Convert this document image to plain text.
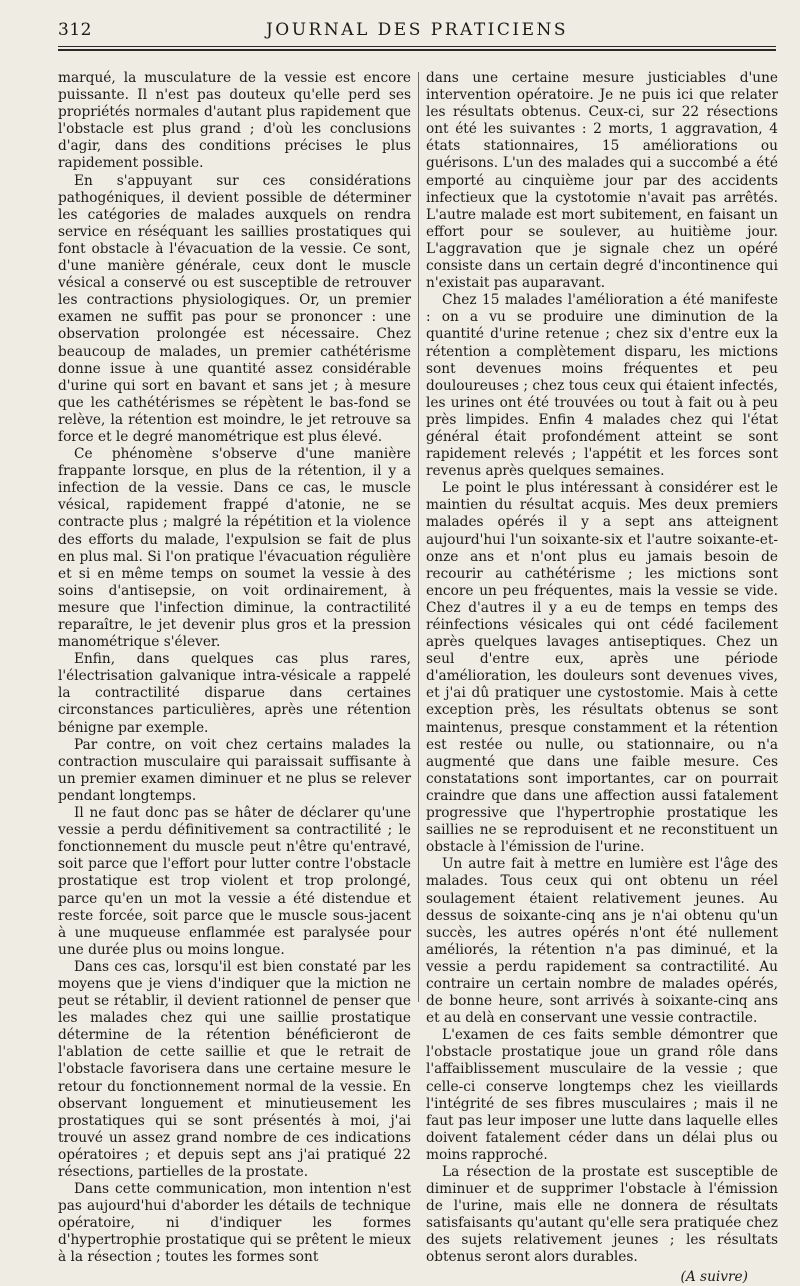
312	JOURNAL DES PRATICIENS

marqué, la musculature de la vessie est encore puissante. Il n'est pas douteux qu'elle perd ses propriétés normales d'autant plus rapidement que l'obstacle est plus grand ; d'où les conclusions d'agir, dans des conditions précises le plus rapidement possible.

En s'appuyant sur ces considérations pathogéniques, il devient possible de déterminer les catégories de malades auxquels on rendra service en réséquant les saillies prostatiques qui font obstacle à l'évacuation de la vessie. Ce sont, d'une manière générale, ceux dont le muscle vésical a conservé ou est susceptible de retrouver les contractions physiologiques. Or, un premier examen ne suffit pas pour se prononcer : une observation prolongée est nécessaire. Chez beaucoup de malades, un premier cathétérisme donne issue à une quantité assez considérable d'urine qui sort en bavant et sans jet ; à mesure que les cathétérismes se répètent le bas-fond se relève, la rétention est moindre, le jet retrouve sa force et le degré manométrique est plus élevé.

Ce phénomène s'observe d'une manière frappante lorsque, en plus de la rétention, il y a infection de la vessie. Dans ce cas, le muscle vésical, rapidement frappé d'atonie, ne se contracte plus ; malgré la répétition et la violence des efforts du malade, l'expulsion se fait de plus en plus mal. Si l'on pratique l'évacuation régulière et si en même temps on soumet la vessie à des soins d'antisepsie, on voit ordinairement, à mesure que l'infection diminue, la contractilité reparaître, le jet devenir plus gros et la pression manométrique s'élever.

Enfin, dans quelques cas plus rares, l'électrisation galvanique intra-vésicale a rappelé la contractilité disparue dans certaines circonstances particulières, après une rétention bénigne par exemple.

Par contre, on voit chez certains malades la contraction musculaire qui paraissait suffisante à un premier examen diminuer et ne plus se relever pendant longtemps.

Il ne faut donc pas se hâter de déclarer qu'une vessie a perdu définitivement sa contractilité ; le fonctionnement du muscle peut n'être qu'entravé, soit parce que l'effort pour lutter contre l'obstacle prostatique est trop violent et trop prolongé, parce qu'en un mot la vessie a été distendue et reste forcée, soit parce que le muscle sous-jacent à une muqueuse enflammée est paralysée pour une durée plus ou moins longue.

Dans ces cas, lorsqu'il est bien constaté par les moyens que je viens d'indiquer que la miction ne peut se rétablir, il devient rationnel de penser que les malades chez qui une saillie prostatique détermine de la rétention bénéficieront de l'ablation de cette saillie et que le retrait de l'obstacle favorisera dans une certaine mesure le retour du fonctionnement normal de la vessie. En observant longuement et minutieusement les prostatiques qui se sont présentés à moi, j'ai trouvé un assez grand nombre de ces indications opératoires ; et depuis sept ans j'ai pratiqué 22 résections, partielles de la prostate.

Dans cette communication, mon intention n'est pas aujourd'hui d'aborder les détails de technique opératoire, ni d'indiquer les formes d'hypertrophie prostatique qui se prêtent le mieux à la résection ; toutes les formes sont

dans une certaine mesure justiciables d'une intervention opératoire. Je ne puis ici que relater les résultats obtenus. Ceux-ci, sur 22 résections ont été les suivantes : 2 morts, 1 aggravation, 4 états stationnaires, 15 améliorations ou guérisons. L'un des malades qui a succombé a été emporté au cinquième jour par des accidents infectieux que la cystotomie n'avait pas arrêtés. L'autre malade est mort subitement, en faisant un effort pour se soulever, au huitième jour. L'aggravation que je signale chez un opéré consiste dans un certain degré d'incontinence qui n'existait pas auparavant.

Chez 15 malades l'amélioration a été manifeste : on a vu se produire une diminution de la quantité d'urine retenue ; chez six d'entre eux la rétention a complètement disparu, les mictions sont devenues moins fréquentes et peu douloureuses ; chez tous ceux qui étaient infectés, les urines ont été trouvées ou tout à fait ou à peu près limpides. Enfin 4 malades chez qui l'état général était profondément atteint se sont rapidement relevés ; l'appétit et les forces sont revenus après quelques semaines.

Le point le plus intéressant à considérer est le maintien du résultat acquis. Mes deux premiers malades opérés il y a sept ans atteignent aujourd'hui l'un soixante-six et l'autre soixante-et-onze ans et n'ont plus eu jamais besoin de recourir au cathétérisme ; les mictions sont encore un peu fréquentes, mais la vessie se vide. Chez d'autres il y a eu de temps en temps des réinfections vésicales qui ont cédé facilement après quelques lavages antiseptiques. Chez un seul d'entre eux, après une période d'amélioration, les douleurs sont devenues vives, et j'ai dû pratiquer une cystostomie. Mais à cette exception près, les résultats obtenus se sont maintenus, presque constamment et la rétention est restée ou nulle, ou stationnaire, ou n'a augmenté que dans une faible mesure. Ces constatations sont importantes, car on pourrait craindre que dans une affection aussi fatalement progressive que l'hypertrophie prostatique les saillies ne se reproduisent et ne reconstituent un obstacle à l'émission de l'urine.

Un autre fait à mettre en lumière est l'âge des malades. Tous ceux qui ont obtenu un réel soulagement étaient relativement jeunes. Au dessus de soixante-cinq ans je n'ai obtenu qu'un succès, les autres opérés n'ont été nullement améliorés, la rétention n'a pas diminué, et la vessie a perdu rapidement sa contractilité. Au contraire un certain nombre de malades opérés, de bonne heure, sont arrivés à soixante-cinq ans et au delà en conservant une vessie contractile.

L'examen de ces faits semble démontrer que l'obstacle prostatique joue un grand rôle dans l'affaiblissement musculaire de la vessie ; que celle-ci conserve longtemps chez les vieillards l'intégrité de ses fibres musculaires ; mais il ne faut pas leur imposer une lutte dans laquelle elles doivent fatalement céder dans un délai plus ou moins rapproché.

La résection de la prostate est susceptible de diminuer et de supprimer l'obstacle à l'émission de l'urine, mais elle ne donnera de résultats satisfaisants qu'autant qu'elle sera pratiquée chez des sujets relativement jeunes ; les résultats obtenus seront alors durables.

(A suivre)
